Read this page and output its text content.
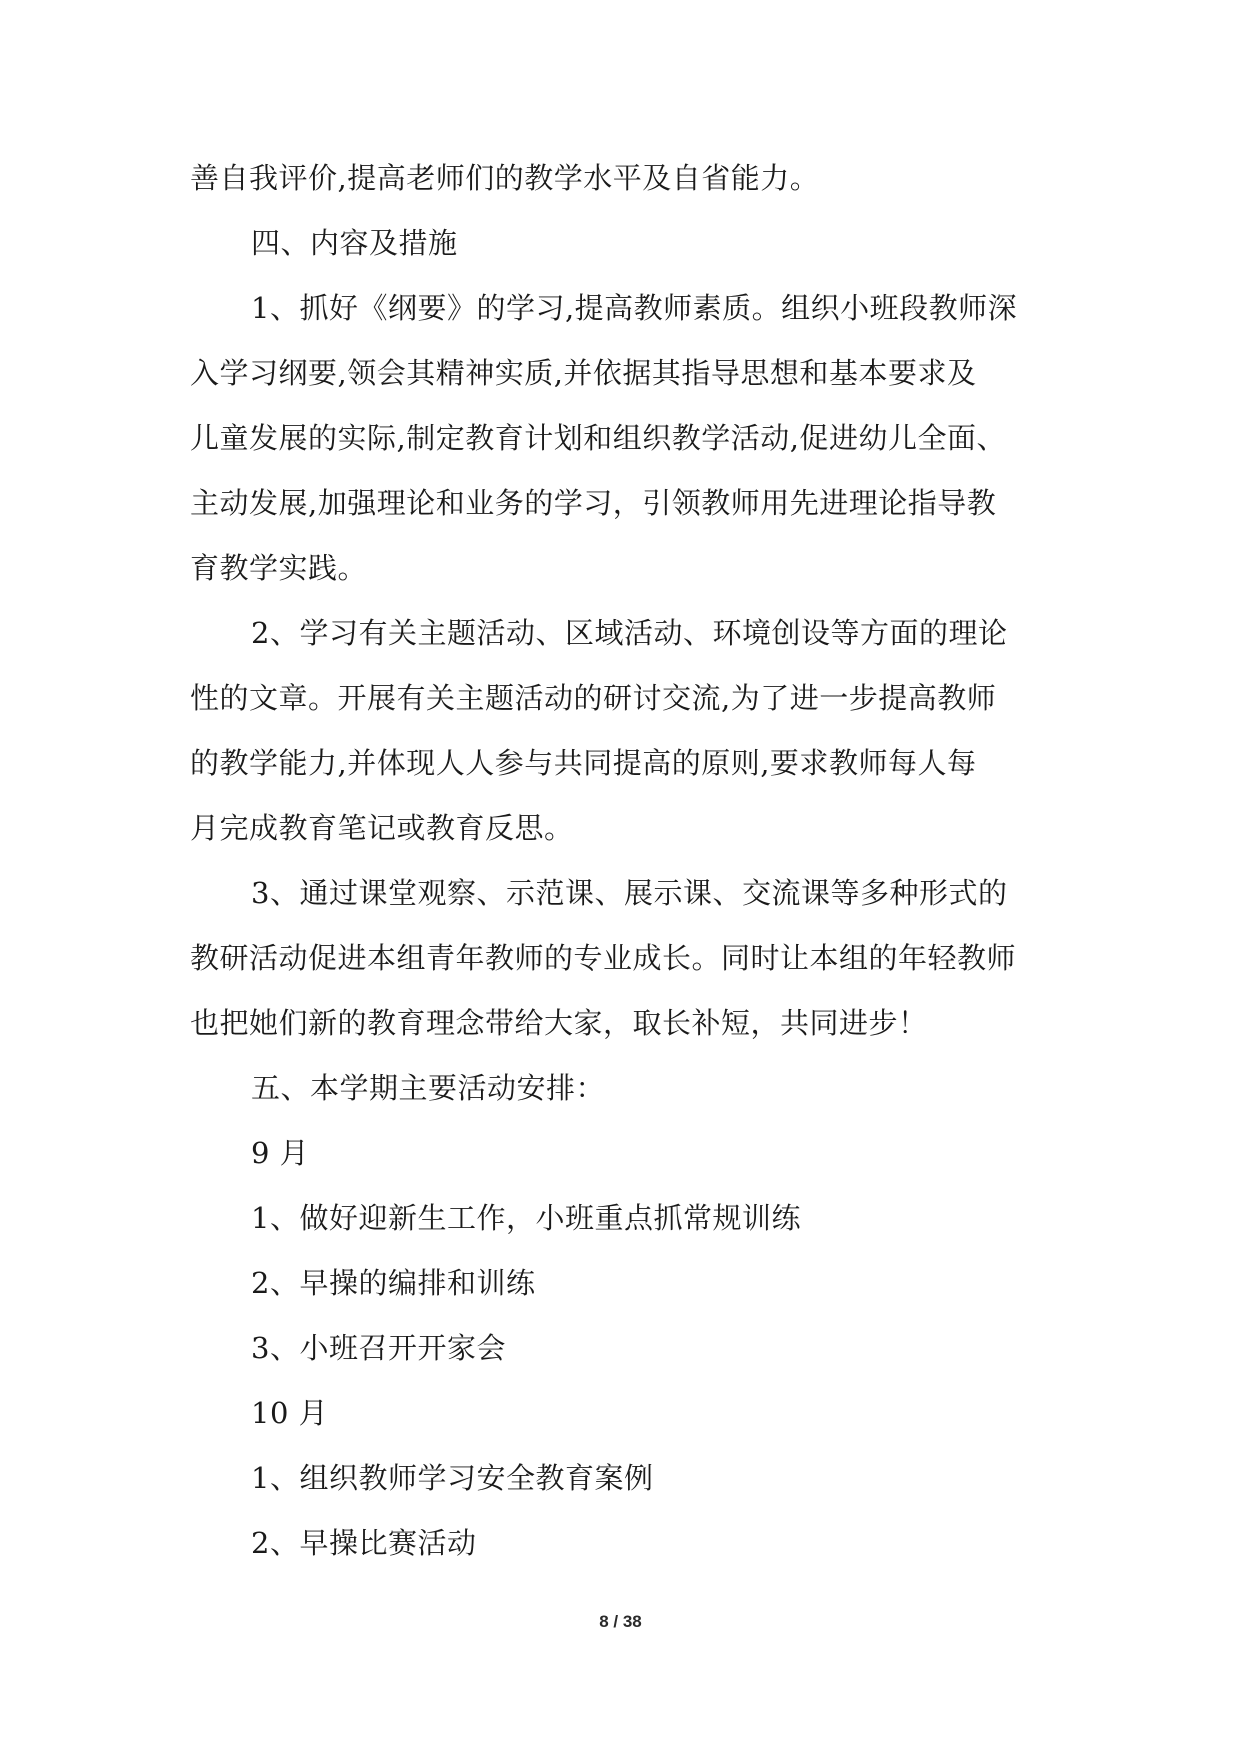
善自我评价,提高老师们的教学水平及自省能力。
四、内容及措施
1、抓好《纲要》的学习,提高教师素质。组织小班段教师深
入学习纲要,领会其精神实质,并依据其指导思想和基本要求及
儿童发展的实际,制定教育计划和组织教学活动,促进幼儿全面、
主动发展,加强理论和业务的学习，引领教师用先进理论指导教
育教学实践。
2、学习有关主题活动、区域活动、环境创设等方面的理论
性的文章。开展有关主题活动的研讨交流,为了进一步提高教师
的教学能力,并体现人人参与共同提高的原则,要求教师每人每
月完成教育笔记或教育反思。
3、通过课堂观察、示范课、展示课、交流课等多种形式的
教研活动促进本组青年教师的专业成长。同时让本组的年轻教师
也把她们新的教育理念带给大家，取长补短，共同进步！
五、本学期主要活动安排：
9 月
1、做好迎新生工作，小班重点抓常规训练
2、早操的编排和训练
3、小班召开开家会
10 月
1、组织教师学习安全教育案例
2、早操比赛活动
8 / 38
